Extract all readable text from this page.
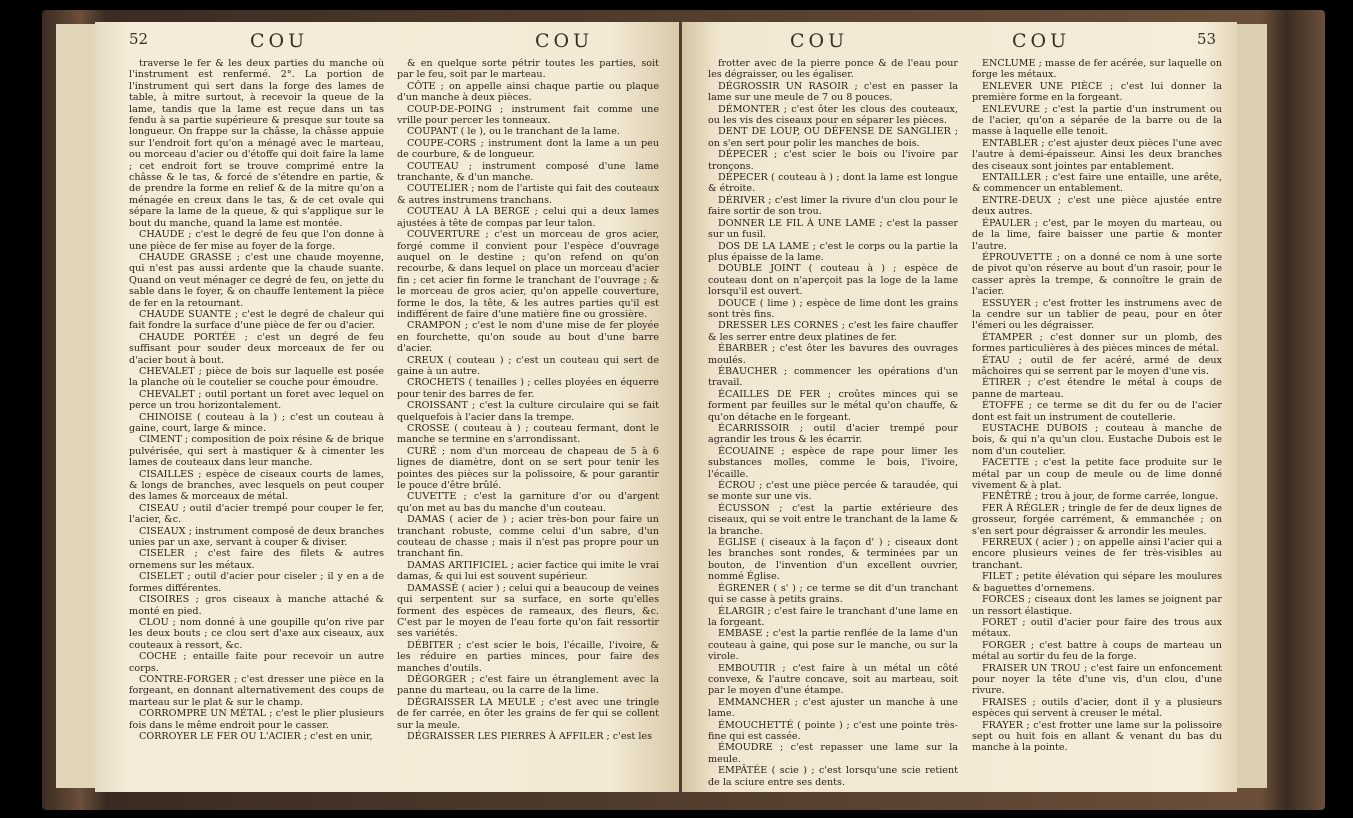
52	COU	COU

traverse le fer & les deux parties du manche où l'instrument est renfermé. 2°. La portion de l'instrument qui sert dans la forge des lames de table, à mitre surtout, à recevoir la queue de la lame, tandis que la lame est reçue dans un tas fendu à sa partie supérieure & presque sur toute sa longueur. On frappe sur la châsse, la châsse appuie sur l'endroit fort qu'on a ménagé avec le marteau, ou morceau d'acier ou d'étoffe qui doit faire la lame ; cet endroit fort se trouve comprimé entre la châsse & le tas, & forcé de s'étendre en partie, & de prendre la forme en relief & de la mitre qu'on a ménagée en creux dans le tas, & de cet ovale qui sépare la lame de la queue, & qui s'applique sur le bout du manche, quand la lame est montée.

CHAUDE ; c'est le degré de feu que l'on donne à une pièce de fer mise au foyer de la forge.

CHAUDE GRASSE ; c'est une chaude moyenne, qui n'est pas aussi ardente que la chaude suante. Quand on veut ménager ce degré de feu, on jette du sable dans le foyer, & on chauffe lentement la pièce de fer en la retournant.

CHAUDE SUANTE ; c'est le degré de chaleur qui fait fondre la surface d'une pièce de fer ou d'acier.

CHAUDE PORTÉE ; c'est un degré de feu suffisant pour souder deux morceaux de fer ou d'acier bout à bout.

CHEVALET ; pièce de bois sur laquelle est posée la planche où le coutelier se couche pour émoudre.

CHEVALET ; outil portant un foret avec lequel on perce un trou horizontalement.

CHINOISE ( couteau à la ) ; c'est un couteau à gaine, court, large & mince.

CIMENT ; composition de poix résine & de brique pulvérisée, qui sert à mastiquer & à cimenter les lames de couteaux dans leur manche.

CISAILLES ; espèce de ciseaux courts de lames, & longs de branches, avec lesquels on peut couper des lames & morceaux de métal.

CISEAU ; outil d'acier trempé pour couper le fer, l'acier, &c.

CISEAUX ; instrument composé de deux branches unies par un axe, servant à couper & diviser.

CISELER ; c'est faire des filets & autres ornemens sur les métaux.

CISELET ; outil d'acier pour ciseler ; il y en a de formes différentes.

CISOIRES ; gros ciseaux à manche attaché & monté en pied.

CLOU ; nom donné à une goupille qu'on rive par les deux bouts ; ce clou sert d'axe aux ciseaux, aux couteaux à ressort, &c.

COCHE ; entaille faite pour recevoir un autre corps.

CONTRE-FORGER ; c'est dresser une pièce en la forgeant, en donnant alternativement des coups de marteau sur le plat & sur le champ.

CORROMPRE UN MÉTAL ; c'est le plier plusieurs fois dans le même endroit pour le casser.

CORROYER LE FER OU L'ACIER ; c'est en unir,

& en quelque sorte pétrir toutes les parties, soit par le feu, soit par le marteau.

CÔTE ; on appelle ainsi chaque partie ou plaque d'un manche à deux pièces.

COUP-DE-POING ; instrument fait comme une vrille pour percer les tonneaux.

COUPANT ( le ), ou le tranchant de la lame.

COUPE-CORS ; instrument dont la lame a un peu de courbure, & de longueur.

COUTEAU ; instrument composé d'une lame tranchante, & d'un manche.

COUTELIER ; nom de l'artiste qui fait des couteaux & autres instrumens tranchans.

COUTEAU À LA BERGE ; celui qui a deux lames ajustées à tête de compas par leur talon.

COUVERTURE ; c'est un morceau de gros acier, forgé comme il convient pour l'espèce d'ouvrage auquel on le destine ; qu'on refend on qu'on recourbe, & dans lequel on place un morceau d'acier fin ; cet acier fin forme le tranchant de l'ouvrage ; & le morceau de gros acier, qu'on appelle couverture, forme le dos, la tête, & les autres parties qu'il est indifférent de faire d'une matière fine ou grossière.

CRAMPON ; c'est le nom d'une mise de fer ployée en fourchette, qu'on soude au bout d'une barre d'acier.

CREUX ( couteau ) ; c'est un couteau qui sert de gaine à un autre.

CROCHETS ( tenailles ) ; celles ployées en équerre pour tenir des barres de fer.

CROISSANT ; c'est la culture circulaire qui se fait quelquefois à l'acier dans la trempe.

CROSSE ( couteau à ) ; couteau fermant, dont le manche se termine en s'arrondissant.

CURÉ ; nom d'un morceau de chapeau de 5 à 6 lignes de diamètre, dont on se sert pour tenir les pointes des pièces sur la polissoire, & pour garantir le pouce d'être brûlé.

CUVETTE ; c'est la garniture d'or ou d'argent qu'on met au bas du manche d'un couteau.

DAMAS ( acier de ) ; acier très-bon pour faire un tranchant robuste, comme celui d'un sabre, d'un couteau de chasse ; mais il n'est pas propre pour un tranchant fin.

DAMAS ARTIFICIEL ; acier factice qui imite le vrai damas, & qui lui est souvent supérieur.

DAMASSÉ ( acier ) ; celui qui a beaucoup de veines qui serpentent sur sa surface, en sorte qu'elles forment des espèces de rameaux, des fleurs, &c. C'est par le moyen de l'eau forte qu'on fait ressortir ses variétés.

DÉBITER ; c'est scier le bois, l'écaille, l'ivoire, & les réduire en parties minces, pour faire des manches d'outils.

DÉGORGER ; c'est faire un étranglement avec la panne du marteau, ou la carre de la lime.

DÉGRAISSER LA MEULE ; c'est avec une tringle de fer carrée, en ôter les grains de fer qui se collent sur la meule.

DÉGRAISSER LES PIERRES À AFFILER ; c'est les

COU	COU	53

frotter avec de la pierre ponce & de l'eau pour les dégraisser, ou les égaliser.

DÉGROSSIR UN RASOIR ; c'est en passer la lame sur une meule de 7 ou 8 pouces.

DÉMONTER ; c'est ôter les clous des couteaux, ou les vis des ciseaux pour en séparer les pièces.

DENT DE LOUP, OU DÉFENSE DE SANGLIER ; on s'en sert pour polir les manches de bois.

DÉPECER ; c'est scier le bois ou l'ivoire par tronçons.

DÉPECER ( couteau à ) ; dont la lame est longue & étroite.

DÉRIVER ; c'est limer la rivure d'un clou pour le faire sortir de son trou.

DONNER LE FIL À UNE LAME ; c'est la passer sur un fusil.

DOS DE LA LAME ; c'est le corps ou la partie la plus épaisse de la lame.

DOUBLE JOINT ( couteau à ) ; espèce de couteau dont on n'aperçoit pas la loge de la lame lorsqu'il est ouvert.

DOUCE ( lime ) ; espèce de lime dont les grains sont très fins.

DRESSER LES CORNES ; c'est les faire chauffer & les serrer entre deux platines de fer.

ÉBARBER ; c'est ôter les bavures des ouvrages moulés.

ÉBAUCHER ; commencer les opérations d'un travail.

ÉCAILLES DE FER ; croûtes minces qui se forment par feuilles sur le métal qu'on chauffe, & qu'on détache en le forgeant.

ÉCARRISSOIR ; outil d'acier trempé pour agrandir les trous & les écarrir.

ÉCOUAINE ; espèce de rape pour limer les substances molles, comme le bois, l'ivoire, l'écaille.

ÉCROU ; c'est une pièce percée & taraudée, qui se monte sur une vis.

ÉCUSSON ; c'est la partie extérieure des ciseaux, qui se voit entre le tranchant de la lame & la branche.

ÉGLISE ( ciseaux à la façon d' ) ; ciseaux dont les branches sont rondes, & terminées par un bouton, de l'invention d'un excellent ouvrier, nommé Église.

ÉGRENER ( s' ) ; ce terme se dit d'un tranchant qui se casse à petits grains.

ÉLARGIR ; c'est faire le tranchant d'une lame en la forgeant.

EMBASE ; c'est la partie renflée de la lame d'un couteau à gaine, qui pose sur le manche, ou sur la virole.

EMBOUTIR ; c'est faire à un métal un côté convexe, & l'autre concave, soit au marteau, soit par le moyen d'une étampe.

EMMANCHER ; c'est ajuster un manche à une lame.

ÉMOUCHETTÉ ( pointe ) ; c'est une pointe très-fine qui est cassée.

ÉMOUDRE ; c'est repasser une lame sur la meule.

EMPÂTÉE ( scie ) ; c'est lorsqu'une scie retient de la sciure entre ses dents.

ENCLUME ; masse de fer acérée, sur laquelle on forge les métaux.

ENLEVER UNE PIÈCE ; c'est lui donner la première forme en la forgeant.

ENLEVURE ; c'est la partie d'un instrument ou de l'acier, qu'on a séparée de la barre ou de la masse à laquelle elle tenoit.

ENTABLER ; c'est ajuster deux pièces l'une avec l'autre à demi-épaisseur. Ainsi les deux branches des ciseaux sont jointes par entablement.

ENTAILLER ; c'est faire une entaille, une arête, & commencer un entablement.

ENTRE-DEUX ; c'est une pièce ajustée entre deux autres.

ÉPAULER ; c'est, par le moyen du marteau, ou de la lime, faire baisser une partie & monter l'autre.

ÉPROUVETTE ; on a donné ce nom à une sorte de pivot qu'on réserve au bout d'un rasoir, pour le casser après la trempe, & connoître le grain de l'acier.

ESSUYER ; c'est frotter les instrumens avec de la cendre sur un tablier de peau, pour en ôter l'émeri ou les dégraisser.

ÉTAMPER ; c'est donner sur un plomb, des formes particulières à des pièces minces de métal.

ÉTAU ; outil de fer acéré, armé de deux mâchoires qui se serrent par le moyen d'une vis.

ÉTIRER ; c'est étendre le métal à coups de panne de marteau.

ÉTOFFE ; ce terme se dit du fer ou de l'acier dont est fait un instrument de coutellerie.

EUSTACHE DUBOIS ; couteau à manche de bois, & qui n'a qu'un clou. Eustache Dubois est le nom d'un coutelier.

FACETTE ; c'est la petite face produite sur le métal par un coup de meule ou de lime donné vivement & à plat.

FENÊTRÉ ; trou à jour, de forme carrée, longue.

FER À RÉGLER ; tringle de fer de deux lignes de grosseur, forgée carrément, & emmanchée ; on s'en sert pour dégraisser & arrondir les meules.

FERREUX ( acier ) ; on appelle ainsi l'acier qui a encore plusieurs veines de fer très-visibles au tranchant.

FILET ; petite élévation qui sépare les moulures & baguettes d'ornemens.

FORCES ; ciseaux dont les lames se joignent par un ressort élastique.

FORET ; outil d'acier pour faire des trous aux métaux.

FORGER ; c'est battre à coups de marteau un métal au sortir du feu de la forge.

FRAISER UN TROU ; c'est faire un enfoncement pour noyer la tête d'une vis, d'un clou, d'une rivure.

FRAISES ; outils d'acier, dont il y a plusieurs espèces qui servent à creuser le métal.

FRAYER ; c'est frotter une lame sur la polissoire sept ou huit fois en allant & venant du bas du manche à la pointe.
